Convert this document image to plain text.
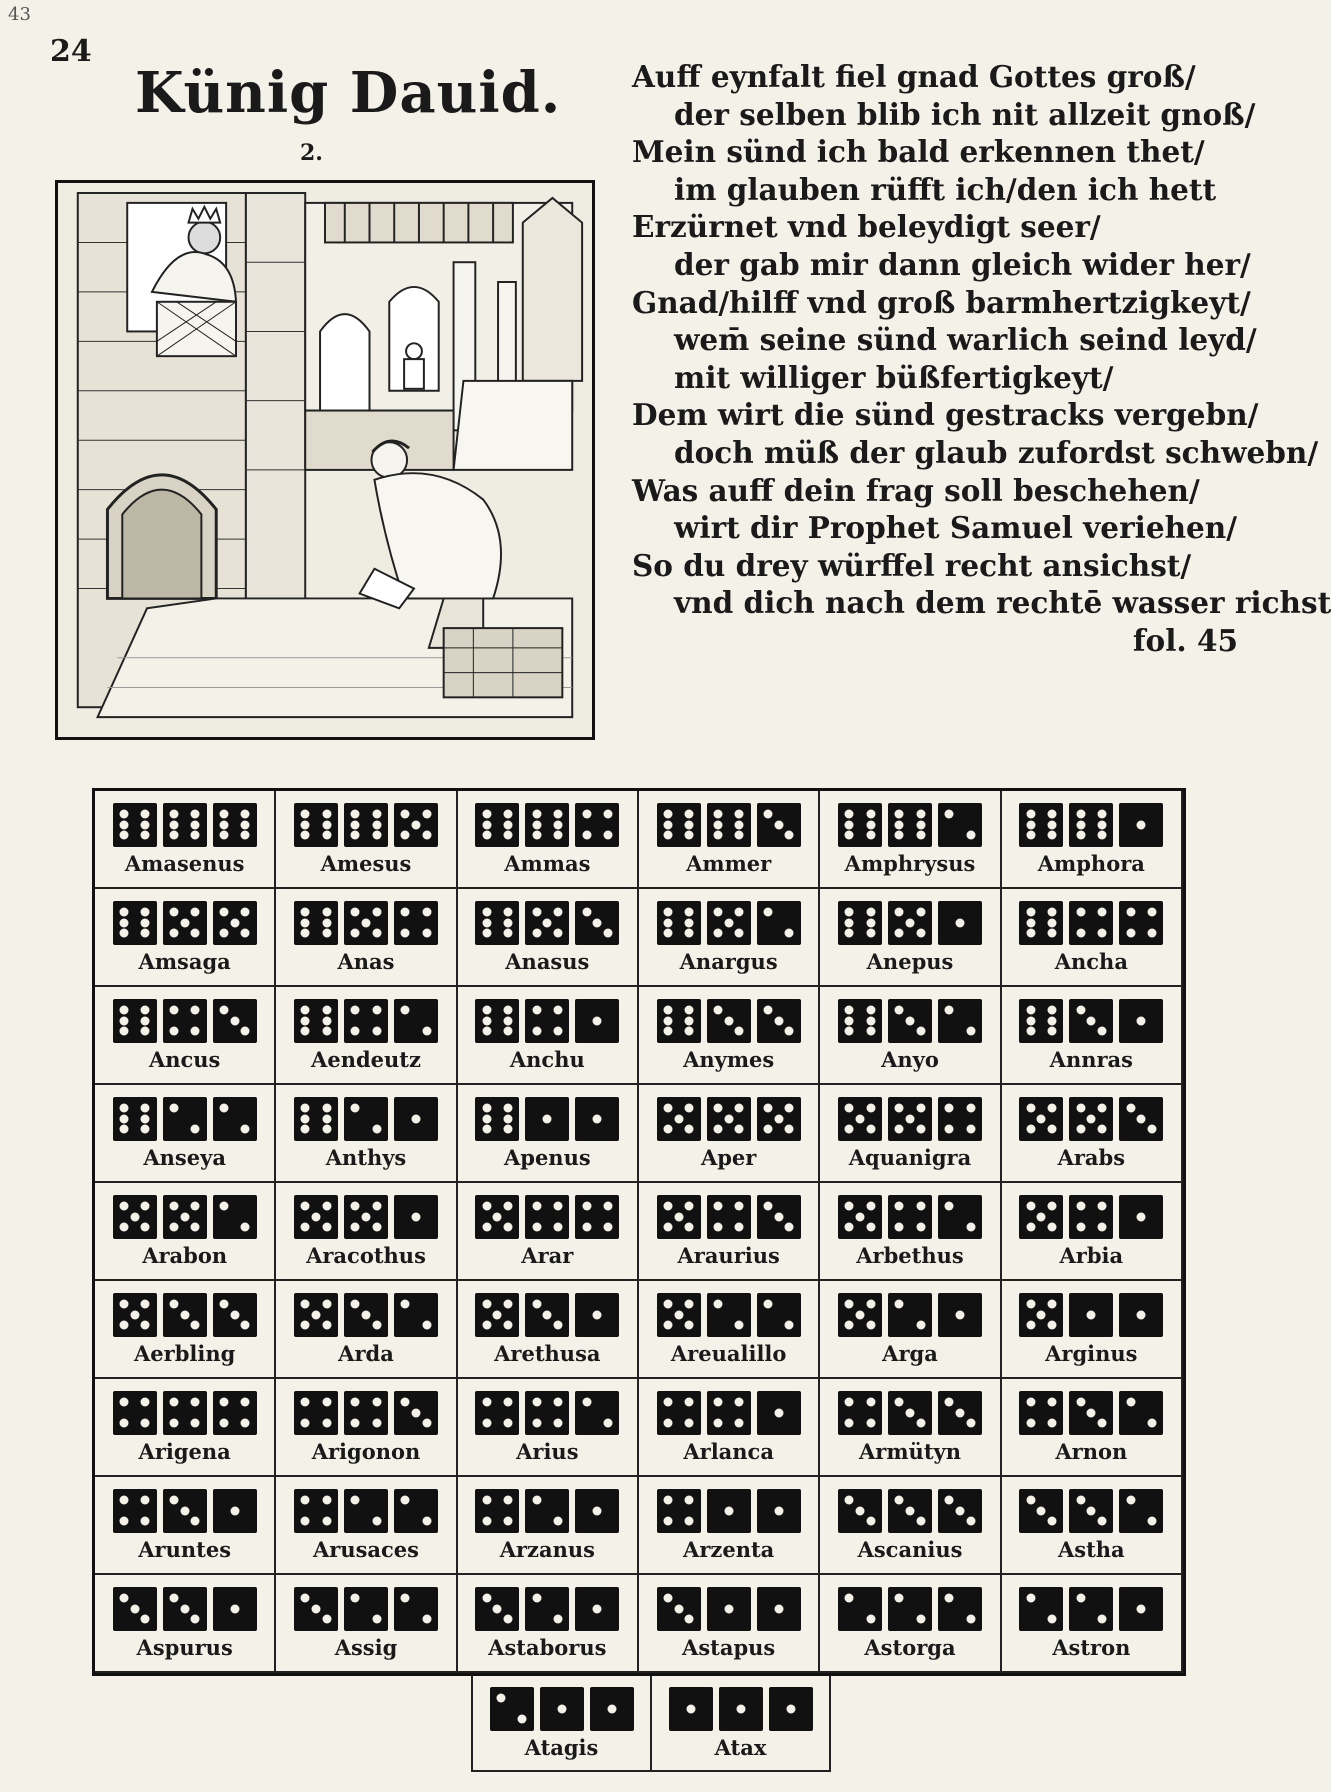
43
24
Künig Dauid.
2.
Auff eynfalt fiel gnad Gottes groß/
der selben blib ich nit allzeit gnoß/
Mein sünd ich bald erkennen thet/
im glauben rüfft ich/den ich hett
Erzürnet vnd beleydigt seer/
der gab mir dann gleich wider her/
Gnad/hilff vnd groß barmhertzigkeyt/
wem̄ seine sünd warlich seind leyd/
mit williger büßfertigkeyt/
Dem wirt die sünd gestracks vergebn/
doch müß der glaub zufordst schwebn/
Was auff dein frag soll beschehen/
wirt dir Prophet Samuel veriehen/
So du drey würffel recht ansichst/
vnd dich nach dem rechtē wasser richst
fol. 45
Amasenus	Amesus	Ammas	Ammer	Amphrysus	Amphora
Amsaga	Anas	Anasus	Anargus	Anepus	Ancha
Ancus	Aendeutz	Anchu	Anymes	Anyo	Annras
Anseya	Anthys	Apenus	Aper	Aquanigra	Arabs
Arabon	Aracothus	Arar	Araurius	Arbethus	Arbia
Aerbling	Arda	Arethusa	Areualillo	Arga	Arginus
Arigena	Arigonon	Arius	Arlanca	Armütyn	Arnon
Aruntes	Arusaces	Arzanus	Arzenta	Ascanius	Astha
Aspurus	Assig	Astaborus	Astapus	Astorga	Astron
Atagis	Atax
